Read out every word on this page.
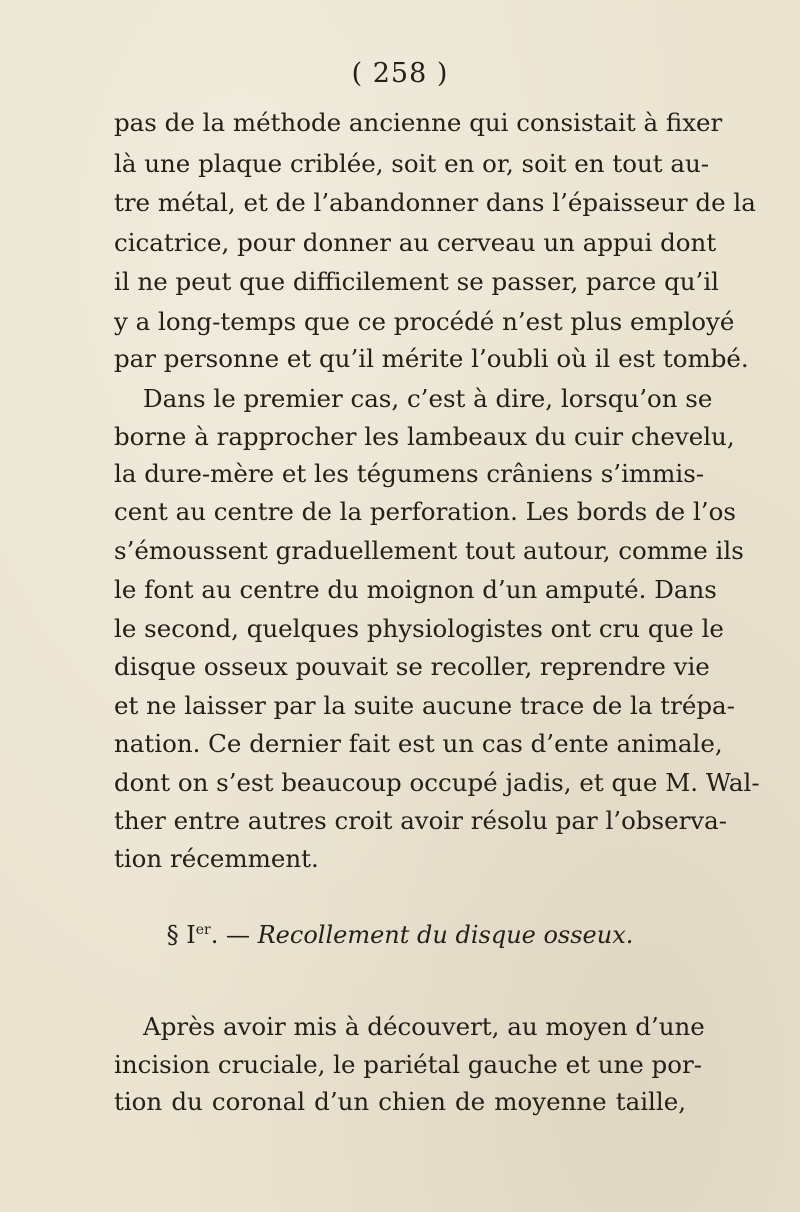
( 258 )
pas de la méthode ancienne qui consistait à fixer
là une plaque criblée, soit en or, soit en tout au-
tre métal, et de l’abandonner dans l’épaisseur de la
cicatrice, pour donner au cerveau un appui dont
il ne peut que difficilement se passer, parce qu’il
y a long-temps que ce procédé n’est plus employé
par personne et qu’il mérite l’oubli où il est tombé.
Dans le premier cas, c’est à dire, lorsqu’on se
borne à rapprocher les lambeaux du cuir chevelu,
la dure-mère et les tégumens crâniens s’immis-
cent au centre de la perforation. Les bords de l’os
s’émoussent graduellement tout autour, comme ils
le font au centre du moignon d’un amputé. Dans
le second, quelques physiologistes ont cru que le
disque osseux pouvait se recoller, reprendre vie
et ne laisser par la suite aucune trace de la trépa-
nation. Ce dernier fait est un cas d’ente animale,
dont on s’est beaucoup occupé jadis, et que M. Wal-
ther entre autres croit avoir résolu par l’observa-
tion récemment.
§ Ier. — Recollement du disque osseux.
Après avoir mis à découvert, au moyen d’une
incision cruciale, le pariétal gauche et une por-
tion du coronal d’un chien de moyenne taille,
